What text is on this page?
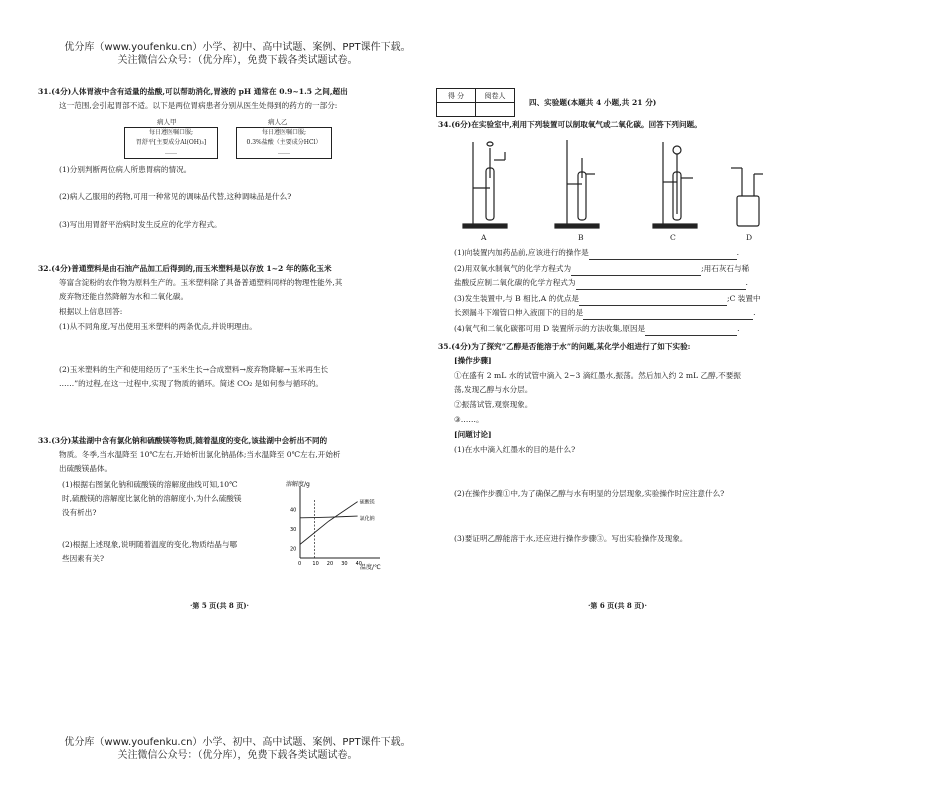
优分库（www.youfenku.cn）小学、初中、高中试题、案例、PPT课件下载。
关注微信公众号：（优分库），免费下载各类试题试卷。
31.(4分)人体胃液中含有适量的盐酸,可以帮助消化,胃液的 pH 通常在 0.9~1.5 之间,超出
这一范围,会引起胃部不适。以下是两位胃病患者分别从医生处得到的药方的一部分:
病人甲	病人乙
每日遵医嘱口服;
胃舒平[主要成分Al(OH)₃]
……
每日遵医嘱口服;
0.3%盐酸（主要成分HCl）
……
(1)分别判断两位病人所患胃病的情况。
(2)病人乙服用的药物,可用一种常见的调味品代替,这种调味品是什么?
(3)写出用胃舒平治病时发生反应的化学方程式。
32.(4分)普通塑料是由石油产品加工后得到的,而玉米塑料是以存放 1~2 年的陈化玉米
等富含淀粉的农作物为原料生产的。玉米塑料除了具备普通塑料同样的物理性能外,其
废弃物还能自然降解为水和二氧化碳。
根据以上信息回答:
(1)从不同角度,写出使用玉米塑料的两条优点,并说明理由。
(2)玉米塑料的生产和使用经历了“玉米生长→合成塑料→废弃物降解→玉米再生长
……”的过程,在这一过程中,实现了物质的循环。简述 CO₂ 是如何参与循环的。
33.(3分)某盐湖中含有氯化钠和硫酸镁等物质,随着温度的变化,该盐湖中会析出不同的
物质。冬季,当水温降至 10℃左右,开始析出氯化钠晶体;当水温降至 0℃左右,开始析
出硫酸镁晶体。
(1)根据右图氯化钠和硫酸镁的溶解度曲线可知,10℃
时,硫酸镁的溶解度比氯化钠的溶解度小,为什么硫酸镁
没有析出?
(2)根据上述现象,说明随着温度的变化,物质结晶与哪
些因素有关?
溶解度/g
温度/℃
0 10 20 30 40
20
30
40
硫酸镁
氯化钠
·第 5 页(共 8 页)·
得 分	阅卷人

四、实验题(本题共 4 小题,共 21 分)
34.(6分)在实验室中,利用下列装置可以制取氧气或二氧化碳。回答下列问题。
A	B	C	D
(1)向装置内加药品前,应该进行的操作是	.
(2)用双氧水制氧气的化学方程式为	;用石灰石与稀
盐酸反应制二氧化碳的化学方程式为	.
(3)发生装置中,与 B 相比,A 的优点是	;C 装置中
长颈漏斗下端管口伸入液面下的目的是	.
(4)氧气和二氧化碳都可用 D 装置所示的方法收集,原因是	.
35.(4分)为了探究“乙醇是否能溶于水”的问题,某化学小组进行了如下实验:
[操作步骤]
①在盛有 2 mL 水的试管中滴入 2~3 滴红墨水,振荡。然后加入约 2 mL 乙醇,不要振
荡,发现乙醇与水分层。
②振荡试管,观察现象。
③……。
[问题讨论]
(1)在水中滴入红墨水的目的是什么?
(2)在操作步骤①中,为了确保乙醇与水有明显的分层现象,实验操作时应注意什么?
(3)要证明乙醇能溶于水,还应进行操作步骤③。写出实验操作及现象。
·第 6 页(共 8 页)·
优分库（www.youfenku.cn）小学、初中、高中试题、案例、PPT课件下载。
关注微信公众号：（优分库），免费下载各类试题试卷。
